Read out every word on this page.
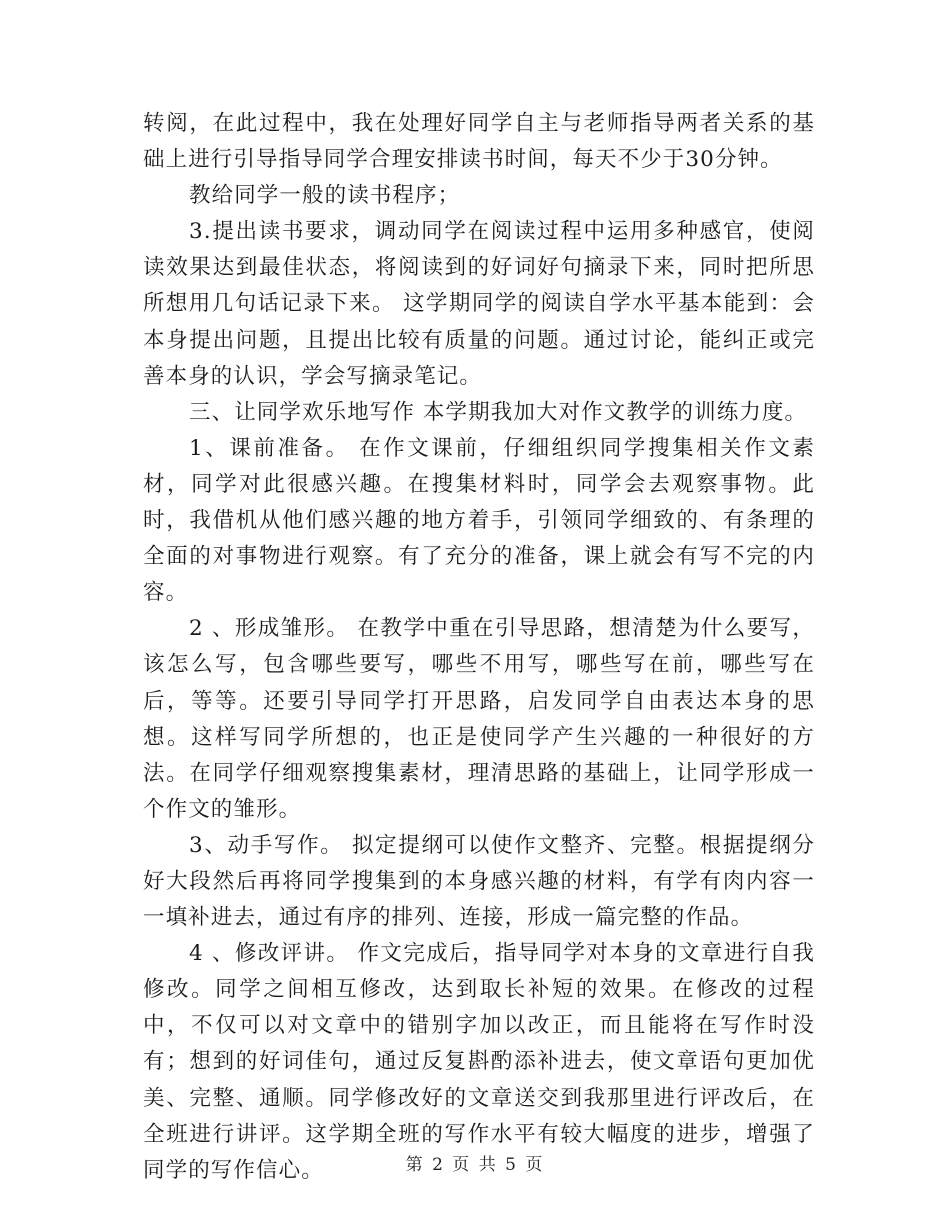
转阅，在此过程中，我在处理好同学自主与老师指导两者关系的基础上进行引导指导同学合理安排读书时间，每天不少于30分钟。

教给同学一般的读书程序；

3.提出读书要求，调动同学在阅读过程中运用多种感官，使阅读效果达到最佳状态，将阅读到的好词好句摘录下来，同时把所思所想用几句话记录下来。 这学期同学的阅读自学水平基本能到：会本身提出问题，且提出比较有质量的问题。通过讨论，能纠正或完善本身的认识，学会写摘录笔记。

三、让同学欢乐地写作 本学期我加大对作文教学的训练力度。

1、课前准备。 在作文课前，仔细组织同学搜集相关作文素材，同学对此很感兴趣。在搜集材料时，同学会去观察事物。此时，我借机从他们感兴趣的地方着手，引领同学细致的、有条理的全面的对事物进行观察。有了充分的准备，课上就会有写不完的内容。

2 、形成雏形。 在教学中重在引导思路，想清楚为什么要写，该怎么写，包含哪些要写，哪些不用写，哪些写在前，哪些写在后，等等。还要引导同学打开思路，启发同学自由表达本身的思想。这样写同学所想的，也正是使同学产生兴趣的一种很好的方法。在同学仔细观察搜集素材，理清思路的基础上，让同学形成一个作文的雏形。

3、动手写作。 拟定提纲可以使作文整齐、完整。根据提纲分好大段然后再将同学搜集到的本身感兴趣的材料，有学有肉内容一一填补进去，通过有序的排列、连接，形成一篇完整的作品。

4 、修改评讲。 作文完成后，指导同学对本身的文章进行自我修改。同学之间相互修改，达到取长补短的效果。在修改的过程中，不仅可以对文章中的错别字加以改正，而且能将在写作时没有；想到的好词佳句，通过反复斟酌添补进去，使文章语句更加优美、完整、通顺。同学修改好的文章送交到我那里进行评改后，在全班进行讲评。这学期全班的写作水平有较大幅度的进步，增强了同学的写作信心。	第 2 页 共 5 页
